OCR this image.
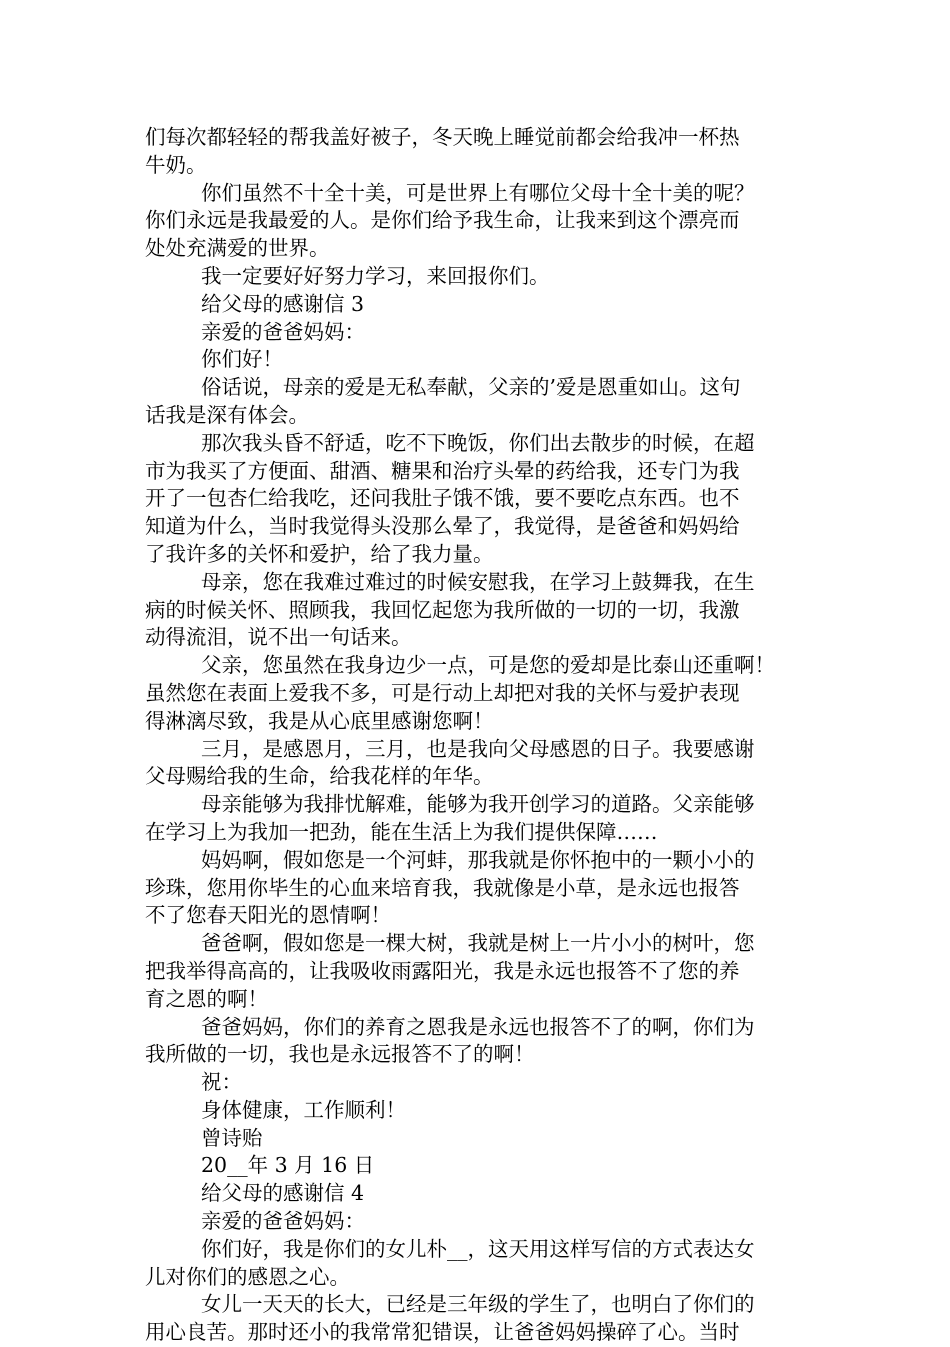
们每次都轻轻的帮我盖好被子，冬天晚上睡觉前都会给我冲一杯热
牛奶。
你们虽然不十全十美，可是世界上有哪位父母十全十美的呢？
你们永远是我最爱的人。是你们给予我生命，让我来到这个漂亮而
处处充满爱的世界。
我一定要好好努力学习，来回报你们。
给父母的感谢信 3
亲爱的爸爸妈妈：
你们好！
俗话说，母亲的爱是无私奉献，父亲的’爱是恩重如山。这句
话我是深有体会。
那次我头昏不舒适，吃不下晚饭，你们出去散步的时候，在超
市为我买了方便面、甜酒、糖果和治疗头晕的药给我，还专门为我
开了一包杏仁给我吃，还问我肚子饿不饿，要不要吃点东西。也不
知道为什么，当时我觉得头没那么晕了，我觉得，是爸爸和妈妈给
了我许多的关怀和爱护，给了我力量。
母亲，您在我难过难过的时候安慰我，在学习上鼓舞我，在生
病的时候关怀、照顾我，我回忆起您为我所做的一切的一切，我激
动得流泪，说不出一句话来。
父亲，您虽然在我身边少一点，可是您的爱却是比泰山还重啊！
虽然您在表面上爱我不多，可是行动上却把对我的关怀与爱护表现
得淋漓尽致，我是从心底里感谢您啊！
三月，是感恩月，三月，也是我向父母感恩的日子。我要感谢
父母赐给我的生命，给我花样的年华。
母亲能够为我排忧解难，能够为我开创学习的道路。父亲能够
在学习上为我加一把劲，能在生活上为我们提供保障……
妈妈啊，假如您是一个河蚌，那我就是你怀抱中的一颗小小的
珍珠，您用你毕生的心血来培育我，我就像是小草，是永远也报答
不了您春天阳光的恩情啊！
爸爸啊，假如您是一棵大树，我就是树上一片小小的树叶，您
把我举得高高的，让我吸收雨露阳光，我是永远也报答不了您的养
育之恩的啊！
爸爸妈妈，你们的养育之恩我是永远也报答不了的啊，你们为
我所做的一切，我也是永远报答不了的啊！
祝：
身体健康，工作顺利！
曾诗贻
20__年 3 月 16 日
给父母的感谢信 4
亲爱的爸爸妈妈：
你们好，我是你们的女儿朴__，这天用这样写信的方式表达女
儿对你们的感恩之心。
女儿一天天的长大，已经是三年级的学生了，也明白了你们的
用心良苦。那时还小的我常常犯错误，让爸爸妈妈操碎了心。当时
